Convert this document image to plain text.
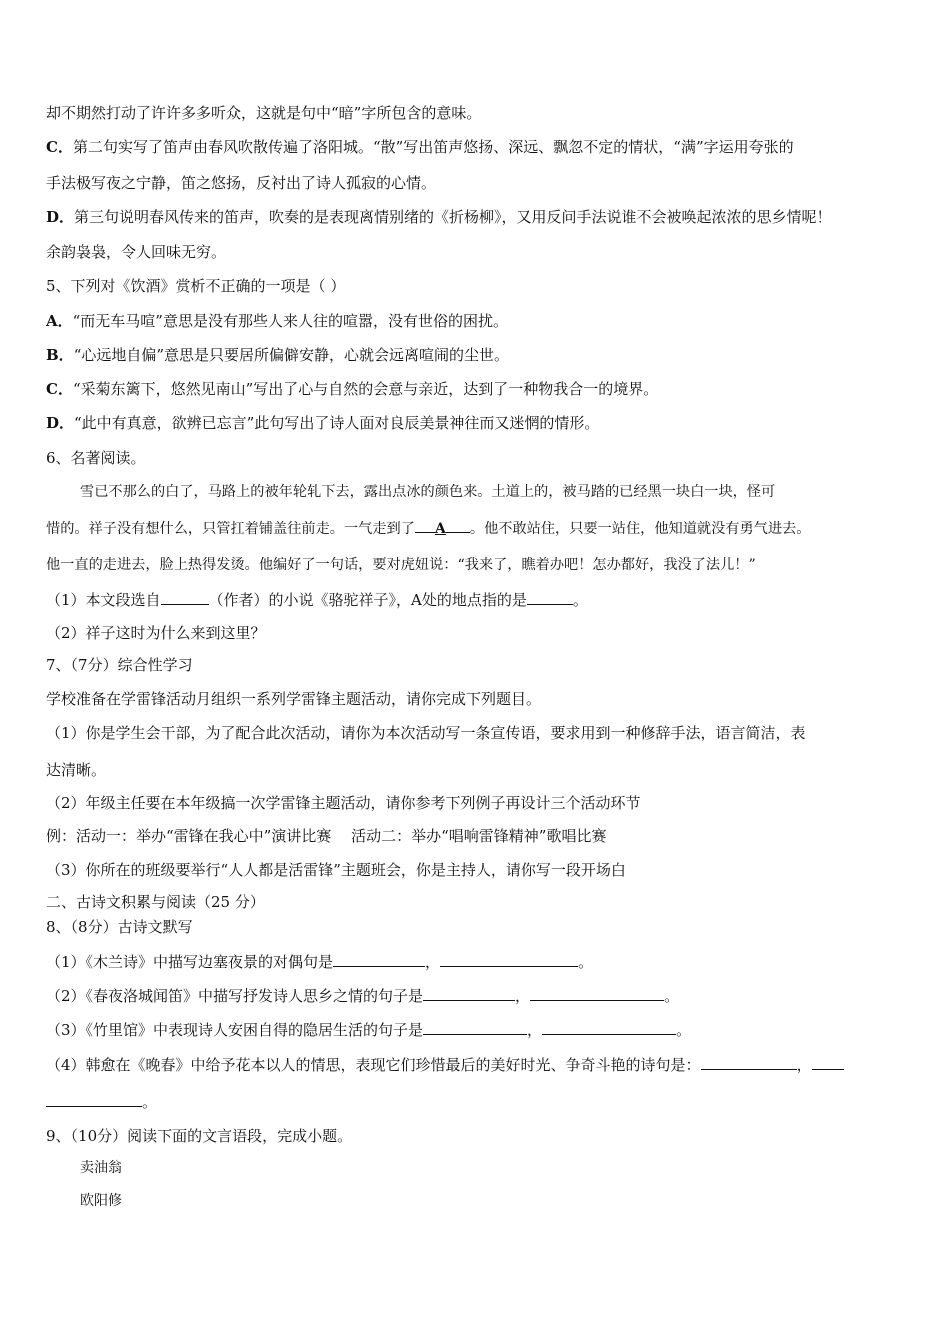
却不期然打动了许许多多听众，这就是句中“暗”字所包含的意味。
C．第二句实写了笛声由春风吹散传遍了洛阳城。“散”写出笛声悠扬、深远、飘忽不定的情状，“满”字运用夸张的
手法极写夜之宁静，笛之悠扬，反衬出了诗人孤寂的心情。
D．第三句说明春风传来的笛声，吹奏的是表现离情别绪的《折杨柳》，又用反问手法说谁不会被唤起浓浓的思乡情呢！
余韵袅袅，令人回味无穷。
5、下列对《饮酒》赏析不正确的一项是（ ）
A．“而无车马喧”意思是没有那些人来人往的喧嚣，没有世俗的困扰。
B．“心远地自偏”意思是只要居所偏僻安静，心就会远离喧闹的尘世。
C．“采菊东篱下，悠然见南山”写出了心与自然的会意与亲近，达到了一种物我合一的境界。
D．“此中有真意，欲辨已忘言”此句写出了诗人面对良辰美景神往而又迷惘的情形。
6、名著阅读。
雪已不那么的白了，马路上的被年轮轧下去，露出点冰的颜色来。土道上的，被马踏的已经黑一块白一块，怪可
惜的。祥子没有想什么，只管扛着铺盖往前走。一气走到了 A 。他不敢站住，只要一站住，他知道就没有勇气进去。
他一直的走进去，脸上热得发烫。他编好了一句话，要对虎妞说：“我来了，瞧着办吧！怎办都好，我没了法儿！”
（1）本文段选自	（作者）的小说《骆驼祥子》，A处的地点指的是	。
（2）祥子这时为什么来到这里？
7、（7分）综合性学习
学校准备在学雷锋活动月组织一系列学雷锋主题活动，请你完成下列题目。
（1）你是学生会干部，为了配合此次活动，请你为本次活动写一条宣传语，要求用到一种修辞手法，语言简洁，表
达清晰。
（2）年级主任要在本年级搞一次学雷锋主题活动，请你参考下列例子再设计三个活动环节
例：活动一：举办“雷锋在我心中”演讲比赛　 活动二：举办“唱响雷锋精神”歌唱比赛
（3）你所在的班级要举行“人人都是活雷锋”主题班会，你是主持人，请你写一段开场白
二、古诗文积累与阅读（25 分）
8、（8分）古诗文默写
（1）《木兰诗》中描写边塞夜景的对偶句是	，	。
（2）《春夜洛城闻笛》中描写抒发诗人思乡之情的句子是	，	。
（3）《竹里馆》中表现诗人安困自得的隐居生活的句子是	，	。
（4）韩愈在《晚春》中给予花本以人的情思，表现它们珍惜最后的美好时光、争奇斗艳的诗句是：	，
。
9、（10分）阅读下面的文言语段，完成小题。
卖油翁
欧阳修
